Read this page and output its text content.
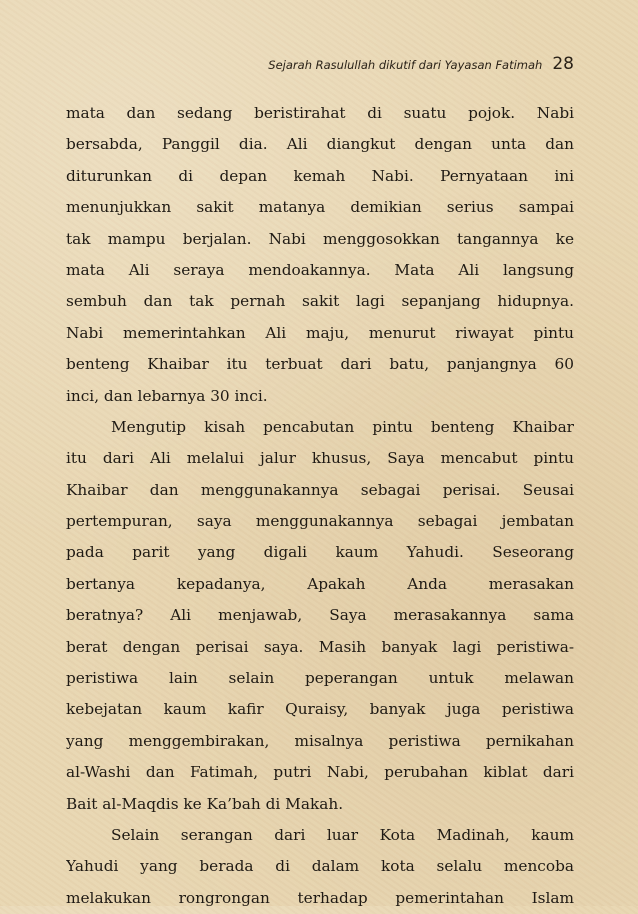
Sejarah Rasulullah dikutif dari Yayasan Fatimah 28
mata dan sedang beristirahat di suatu pojok. Nabi
bersabda, Panggil dia. Ali diangkut dengan unta dan
diturunkan di depan kemah Nabi. Pernyataan ini
menunjukkan sakit matanya demikian serius sampai
tak mampu berjalan. Nabi menggosokkan tangannya ke
mata Ali seraya mendoakannya. Mata Ali langsung
sembuh dan tak pernah sakit lagi sepanjang hidupnya.
Nabi memerintahkan Ali maju, menurut riwayat pintu
benteng Khaibar itu terbuat dari batu, panjangnya 60
inci, dan lebarnya 30 inci.
Mengutip kisah pencabutan pintu benteng Khaibar
itu dari Ali melalui jalur khusus, Saya mencabut pintu
Khaibar dan menggunakannya sebagai perisai. Seusai
pertempuran, saya menggunakannya sebagai jembatan
pada parit yang digali kaum Yahudi. Seseorang
bertanya kepadanya, Apakah Anda merasakan
beratnya? Ali menjawab, Saya merasakannya sama
berat dengan perisai saya. Masih banyak lagi peristiwa-
peristiwa lain selain peperangan untuk melawan
kebejatan kaum kafir Quraisy, banyak juga peristiwa
yang menggembirakan, misalnya peristiwa pernikahan
al-Washi dan Fatimah, putri Nabi, perubahan kiblat dari
Bait al-Maqdis ke Ka’bah di Makah.
Selain serangan dari luar Kota Madinah, kaum
Yahudi yang berada di dalam kota selalu mencoba
melakukan rongrongan terhadap pemerintahan Islam
